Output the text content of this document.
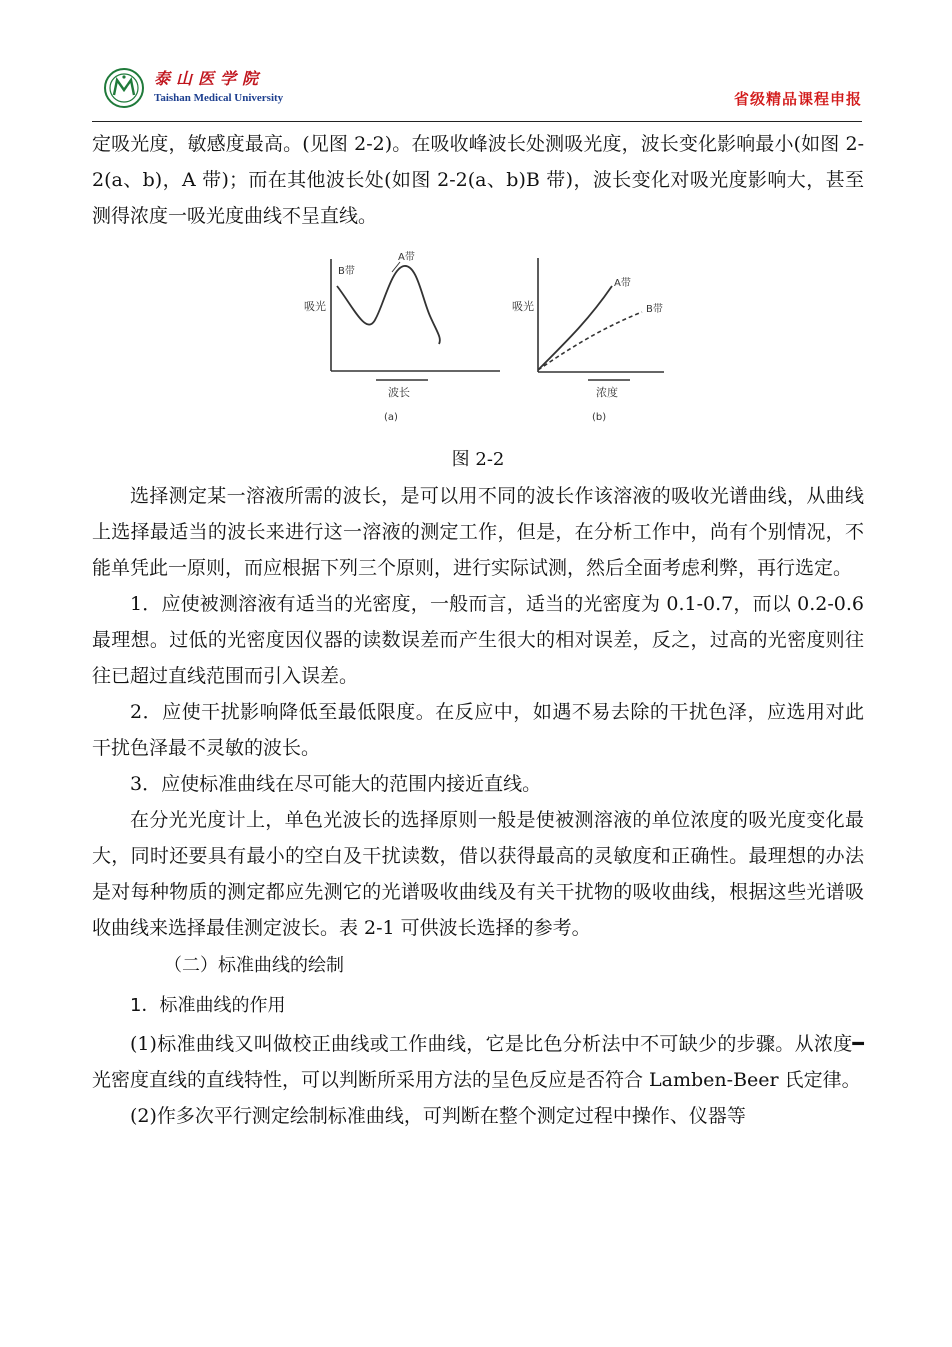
泰山医学院
Taishan Medical University	省级精品课程申报

定吸光度，敏感度最高。(见图 2-2)。在吸收峰波长处测吸光度，波长变化影响最小(如图 2-2(a、b)，A 带)；而在其他波长处(如图 2-2(a、b)B 带)，波长变化对吸光度影响大，甚至测得浓度一吸光度曲线不呈直线。

B带
A带
吸光
波长
(a)
A带
B带
吸光
浓度
(b)

图 2-2

选择测定某一溶液所需的波长，是可以用不同的波长作该溶液的吸收光谱曲线，从曲线上选择最适当的波长来进行这一溶液的测定工作，但是，在分析工作中，尚有个别情况，不能单凭此一原则，而应根据下列三个原则，进行实际试测，然后全面考虑利弊，再行选定。

1．应使被测溶液有适当的光密度，一般而言，适当的光密度为 0.1-0.7，而以 0.2-0.6 最理想。过低的光密度因仪器的读数误差而产生很大的相对误差，反之，过高的光密度则往往已超过直线范围而引入误差。

2．应使干扰影响降低至最低限度。在反应中，如遇不易去除的干扰色泽，应选用对此干扰色泽最不灵敏的波长。

3．应使标准曲线在尽可能大的范围内接近直线。

在分光光度计上，单色光波长的选择原则一般是使被测溶液的单位浓度的吸光度变化最大，同时还要具有最小的空白及干扰读数，借以获得最高的灵敏度和正确性。最理想的办法是对每种物质的测定都应先测它的光谱吸收曲线及有关干扰物的吸收曲线，根据这些光谱吸收曲线来选择最佳测定波长。表 2-1 可供波长选择的参考。

（二）标准曲线的绘制

1．标准曲线的作用

(1)标准曲线又叫做校正曲线或工作曲线，它是比色分析法中不可缺少的步骤。从浓度━光密度直线的直线特性，可以判断所采用方法的呈色反应是否符合 Lamben-Beer 氏定律。

(2)作多次平行测定绘制标准曲线，可判断在整个测定过程中操作、仪器等
